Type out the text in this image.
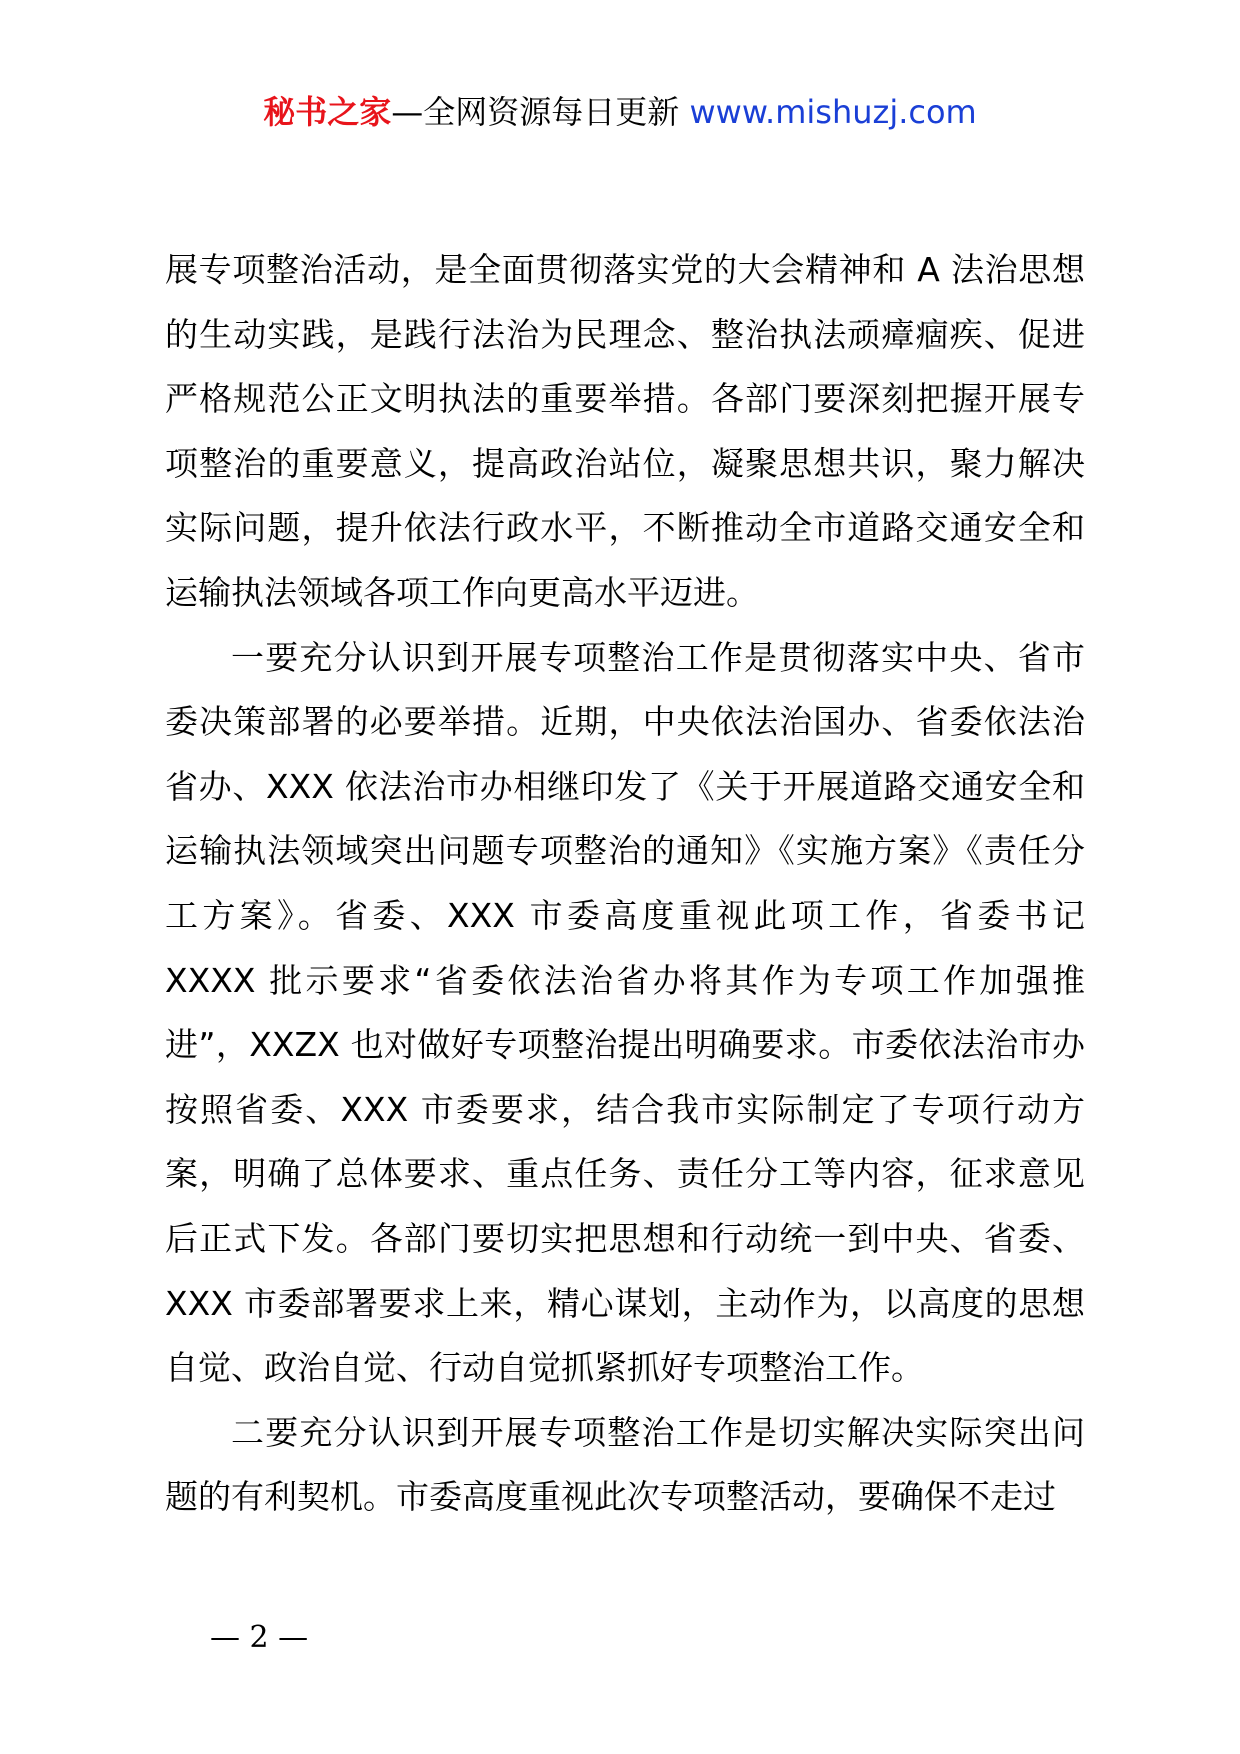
秘书之家—全网资源每日更新 www.mishuzj.com

展专项整治活动，是全面贯彻落实党的大会精神和 A 法治思想的生动实践，是践行法治为民理念、整治执法顽瘴痼疾、促进严格规范公正文明执法的重要举措。各部门要深刻把握开展专项整治的重要意义，提高政治站位，凝聚思想共识，聚力解决实际问题，提升依法行政水平，不断推动全市道路交通安全和运输执法领域各项工作向更高水平迈进。

一要充分认识到开展专项整治工作是贯彻落实中央、省市委决策部署的必要举措。近期，中央依法治国办、省委依法治省办、XXX 依法治市办相继印发了《关于开展道路交通安全和运输执法领域突出问题专项整治的通知》《实施方案》《责任分工方案》。省委、XXX 市委高度重视此项工作，省委书记 XXXX 批示要求“省委依法治省办将其作为专项工作加强推进”，XXZX 也对做好专项整治提出明确要求。市委依法治市办按照省委、XXX 市委要求，结合我市实际制定了专项行动方案，明确了总体要求、重点任务、责任分工等内容，征求意见后正式下发。各部门要切实把思想和行动统一到中央、省委、XXX 市委部署要求上来，精心谋划，主动作为，以高度的思想自觉、政治自觉、行动自觉抓紧抓好专项整治工作。

二要充分认识到开展专项整治工作是切实解决实际突出问题的有利契机。市委高度重视此次专项整活动，要确保不走过

— 2 —
